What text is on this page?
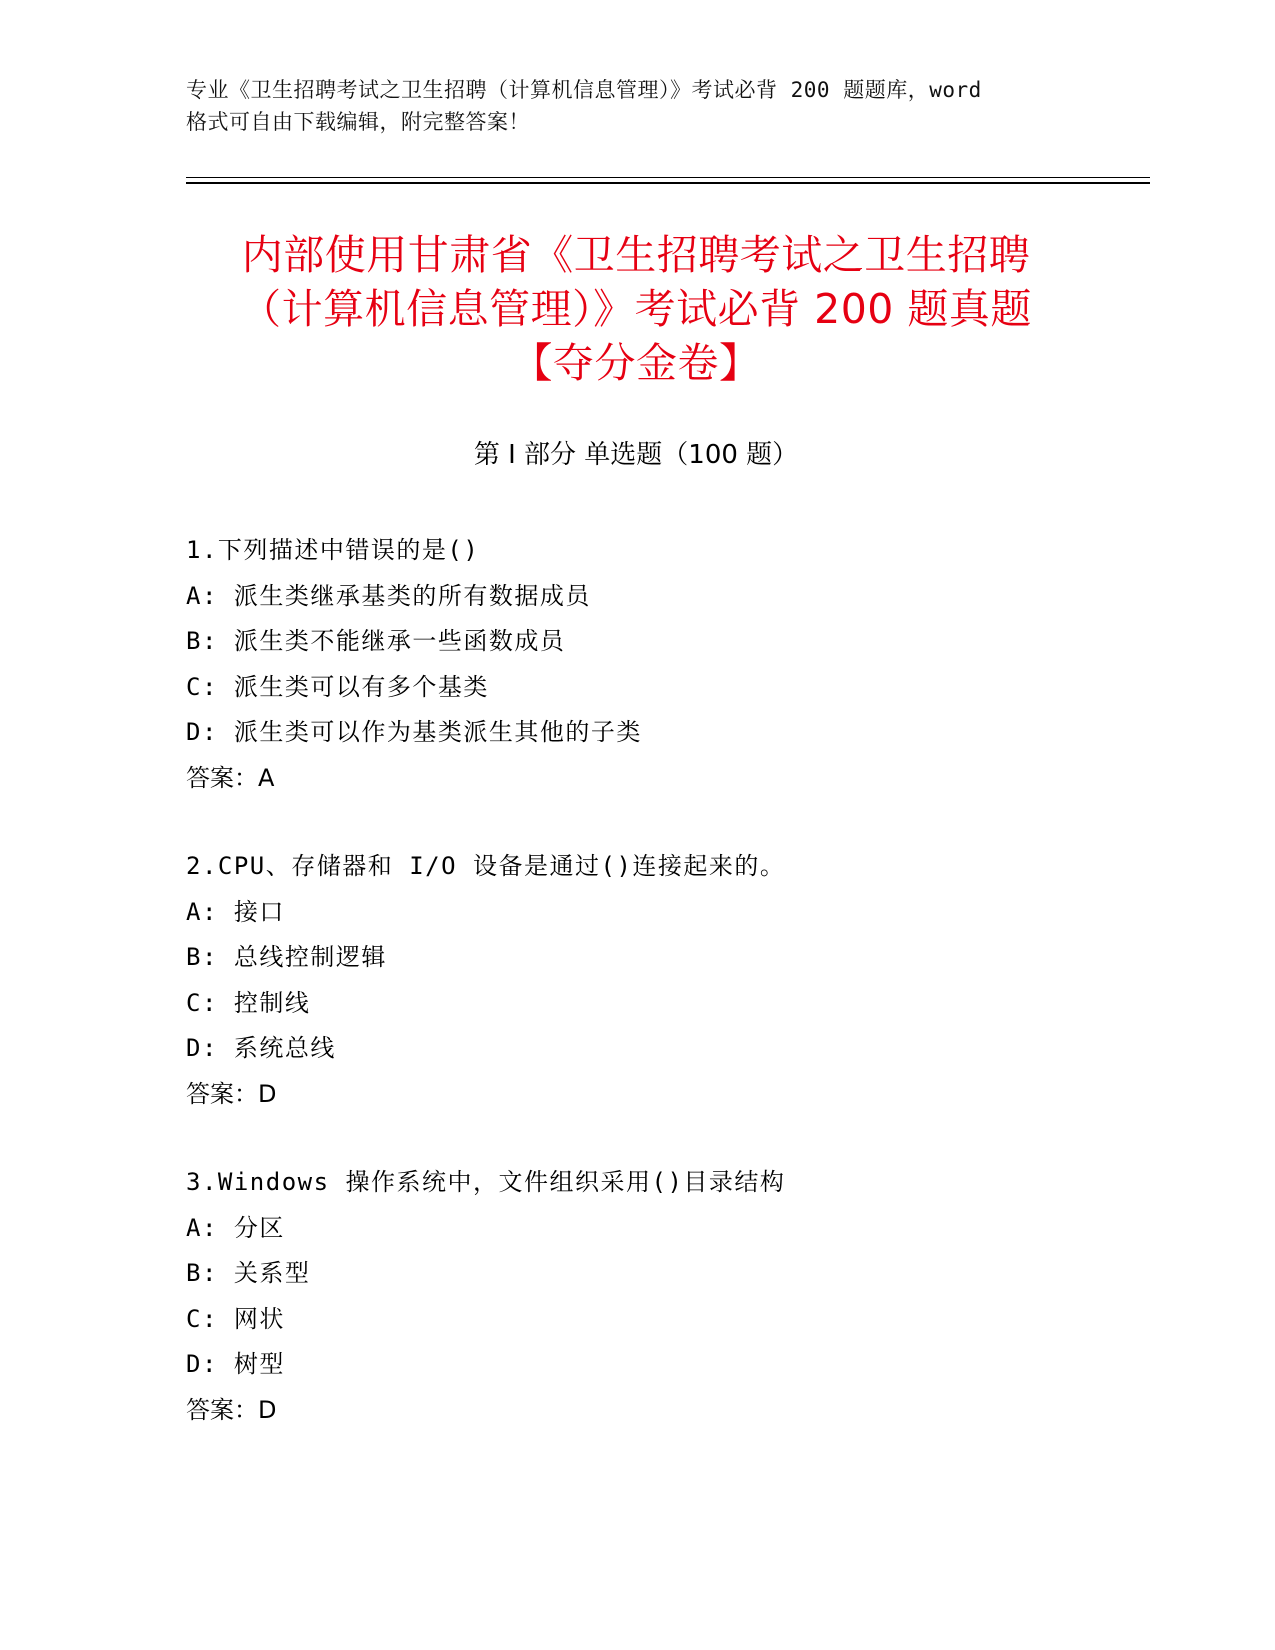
专业《卫生招聘考试之卫生招聘（计算机信息管理）》考试必背 200 题题库，word
格式可自由下载编辑，附完整答案！
内部使用甘肃省《卫生招聘考试之卫生招聘
（计算机信息管理）》考试必背 200 题真题
【夺分金卷】
第 I 部分 单选题（100 题）
1.下列描述中错误的是()
A: 派生类继承基类的所有数据成员
B: 派生类不能继承一些函数成员
C: 派生类可以有多个基类
D: 派生类可以作为基类派生其他的子类
答案：A
2.CPU、存储器和 I/O 设备是通过()连接起来的。
A: 接口
B: 总线控制逻辑
C: 控制线
D: 系统总线
答案：D
3.Windows 操作系统中，文件组织采用()目录结构
A: 分区
B: 关系型
C: 网状
D: 树型
答案：D
